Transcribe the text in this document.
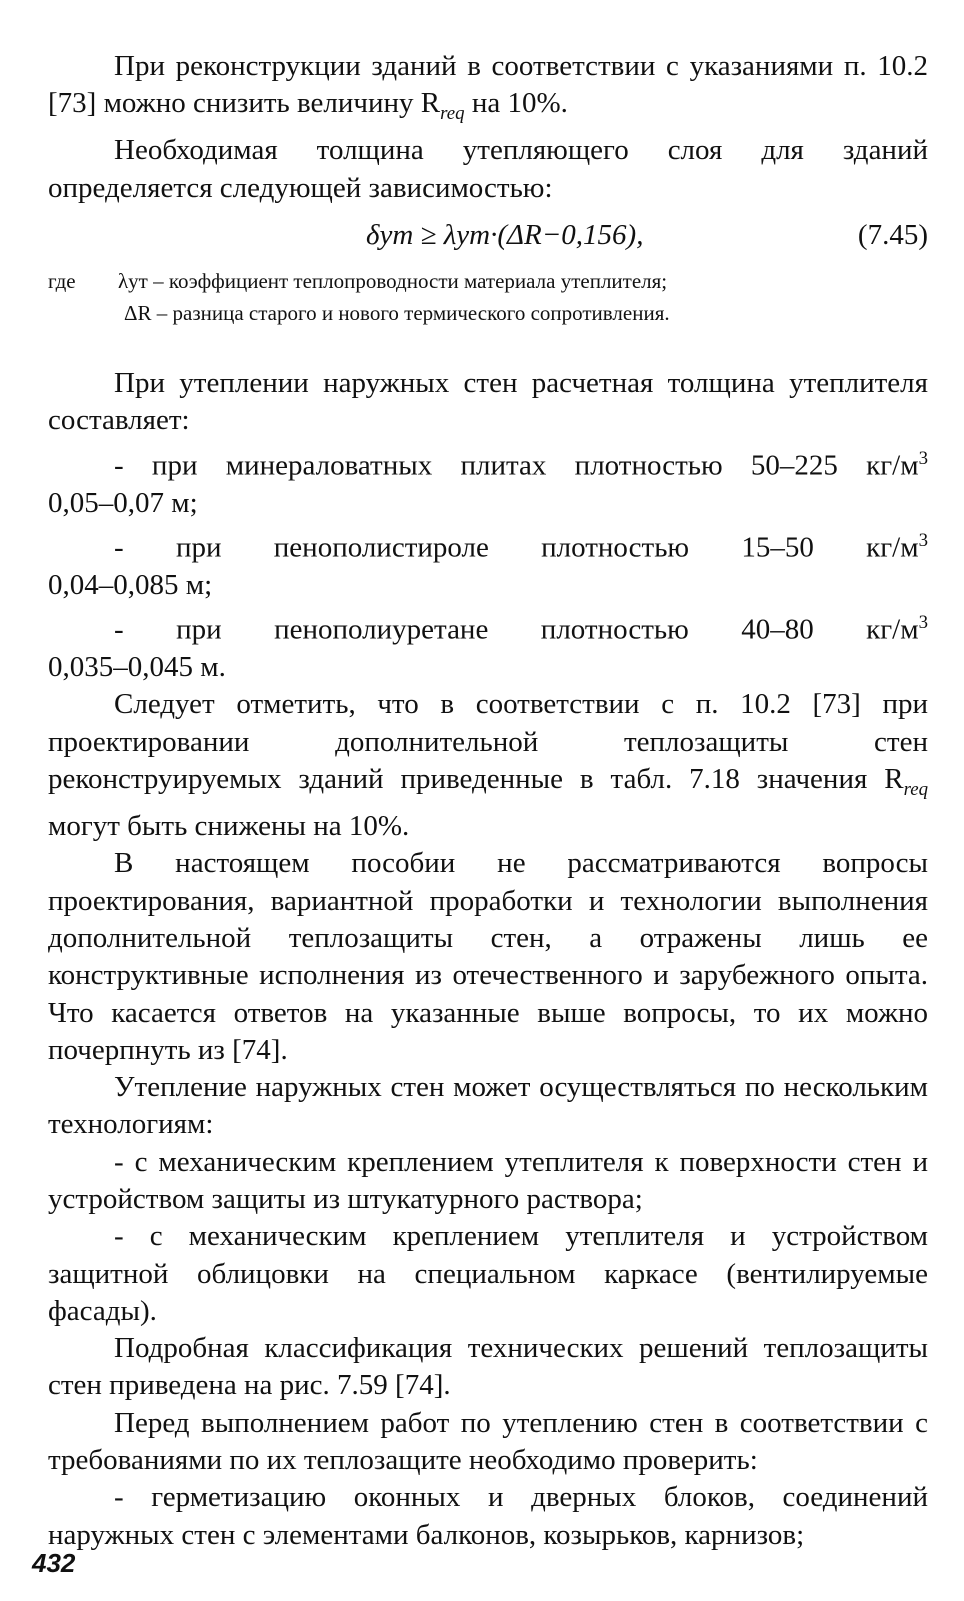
При реконструкции зданий в соответствии с указаниями п. 10.2 [73] можно снизить величину $R_{req}$ на 10%.

Необходимая толщина утепляющего слоя для зданий определяется следующей зависимостью:

δут ≥ λут·(ΔR−0,156),	(7.45)
где λут – коэффициент теплопроводности материала утеплителя;
ΔR – разница старого и нового термического сопротивления.

При утеплении наружных стен расчетная толщина утеплителя составляет:

- при минераловатных плитах плотностью 50–225 $кг/м^3$

0,05–0,07 м;

- при пенополистироле плотностью 15–50 $кг/м^3$

0,04–0,085 м;

- при пенополиуретане плотностью 40–80 $кг/м^3$

0,035–0,045 м.

Следует отметить, что в соответствии с п. 10.2 [73] при проектировании дополнительной теплозащиты стен реконструируемых зданий приведенные в табл. 7.18 значения $R_{req}$ могут быть снижены на 10%.

В настоящем пособии не рассматриваются вопросы проектирования, вариантной проработки и технологии выполнения дополнительной теплозащиты стен, а отражены лишь ее конструктивные исполнения из отечественного и зарубежного опыта. Что касается ответов на указанные выше вопросы, то их можно почерпнуть из [74].

Утепление наружных стен может осуществляться по нескольким технологиям:

- с механическим креплением утеплителя к поверхности стен и устройством защиты из штукатурного раствора;

- с механическим креплением утеплителя и устройством защитной облицовки на специальном каркасе (вентилируемые фасады).

Подробная классификация технических решений теплозащиты стен приведена на рис. 7.59 [74].

Перед выполнением работ по утеплению стен в соответствии с требованиями по их теплозащите необходимо проверить:

- герметизацию оконных и дверных блоков, соединений наружных стен с элементами балконов, козырьков, карнизов;

432
